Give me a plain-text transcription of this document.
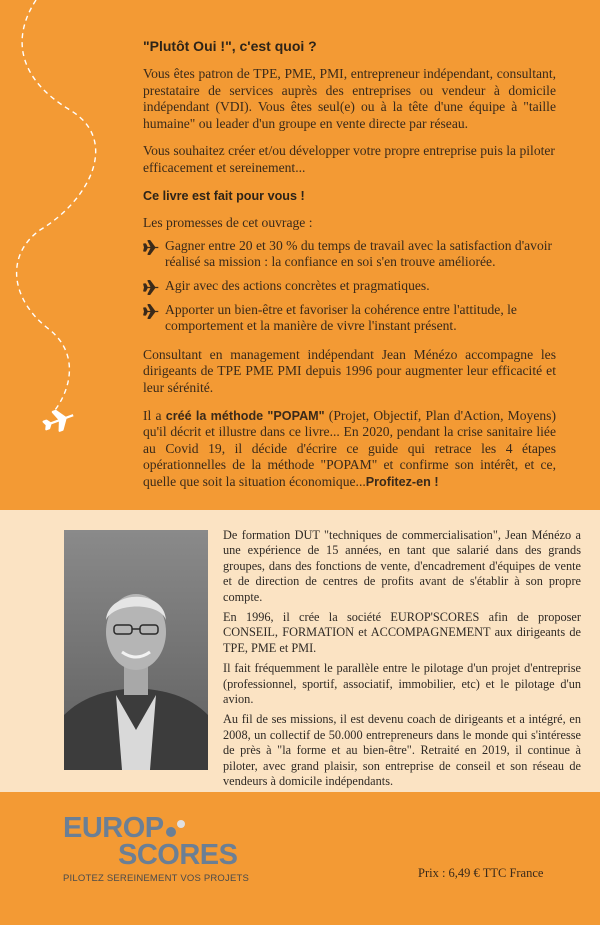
"Plutôt Oui !", c'est quoi ?

Vous êtes patron de TPE, PME, PMI, entrepreneur indépendant, consultant, prestataire de services auprès des entreprises ou vendeur à domicile indépendant (VDI). Vous êtes seul(e) ou à la tête d'une équipe à "taille humaine" ou leader d'un groupe en vente directe par réseau.

Vous souhaitez créer et/ou développer votre propre entreprise puis la piloter efficacement et sereinement...

Ce livre est fait pour vous !

Les promesses de cet ouvrage :

Gagner entre 20 et 30 % du temps de travail avec la satisfaction d'avoir réalisé sa mission : la confiance en soi s'en trouve améliorée.
Agir avec des actions concrètes et pragmatiques.
Apporter un bien-être et favoriser la cohérence entre l'attitude, le comportement et la manière de vivre l'instant présent.

Consultant en management indépendant Jean Ménézo accompagne les dirigeants de TPE PME PMI depuis 1996 pour augmenter leur efficacité et leur sérénité.

Il a créé la méthode "POPAM" (Projet, Objectif, Plan d'Action, Moyens) qu'il décrit et illustre dans ce livre... En 2020, pendant la crise sanitaire liée au Covid 19, il décide d'écrire ce guide qui retrace les 4 étapes opérationnelles de la méthode "POPAM" et confirme son intérêt, et ce, quelle que soit la situation économique...Profitez-en !

De formation DUT "techniques de commercialisation", Jean Ménézo a une expérience de 15 années, en tant que salarié dans des grands groupes, dans des fonctions de vente, d'encadrement d'équipes de vente et de direction de centres de profits avant de s'établir à son propre compte.

En 1996, il crée la société EUROP'SCORES afin de proposer CONSEIL, FORMATION et ACCOMPAGNEMENT aux dirigeants de TPE, PME et PMI.

Il fait fréquemment le parallèle entre le pilotage d'un projet d'entreprise (professionnel, sportif, associatif, immobilier, etc) et le pilotage d'un avion.

Au fil de ses missions, il est devenu coach de dirigeants et a intégré, en 2008, un collectif de 50.000 entrepreneurs dans le monde qui s'intéresse de près à "la forme et au bien-être". Retraité en 2019, il continue à piloter, avec grand plaisir, son entreprise de conseil et son réseau de vendeurs à domicile indépendants.

EUROP
SCORES
PILOTEZ SEREINEMENT VOS PROJETS	Prix : 6,49 € TTC France
